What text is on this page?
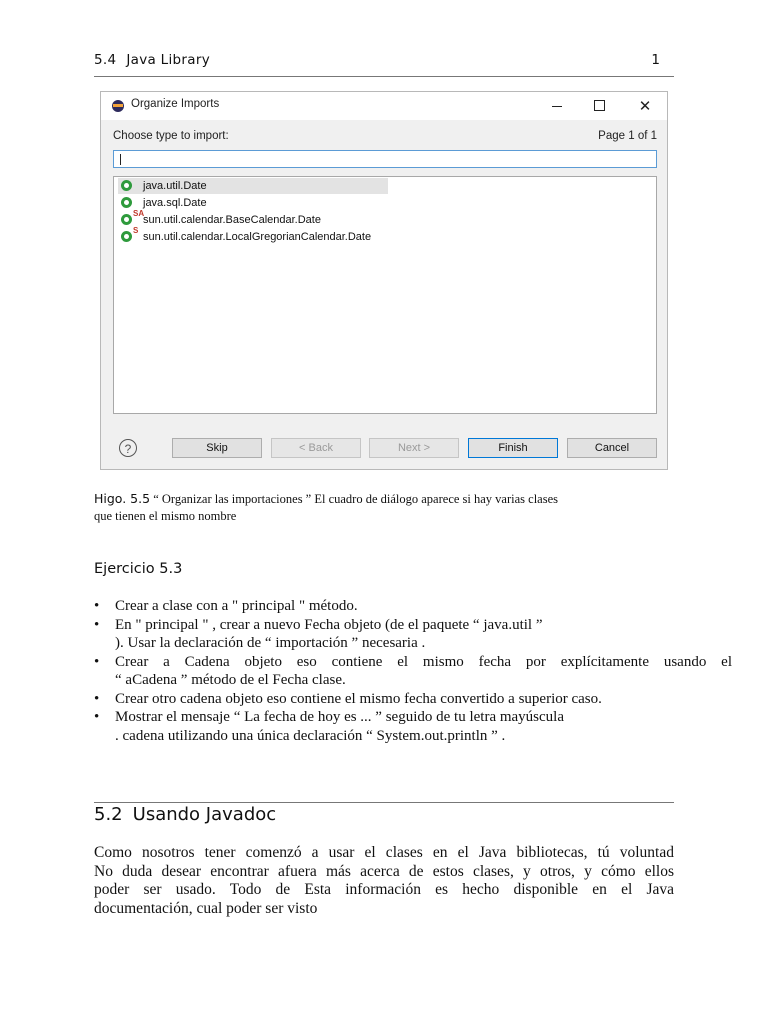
5.4 Java Library	1
Organize Imports	✕
Choose type to import:	Page 1 of 1
java.util.Date
java.sql.Date
SA
sun.util.calendar.BaseCalendar.Date
S
sun.util.calendar.LocalGregorianCalendar.Date
?	Skip	< Back	Next >	Finish	Cancel
Higo. 5.5 “ Organizar las importaciones ” El cuadro de diálogo aparece si hay varias clases
que tienen el mismo nombre
Ejercicio 5.3
• Crear a clase con a " principal " método.
• En " principal " , crear a nuevo Fecha objeto (de el paquete “ java.util ”
). Usar la declaración de “ importación ” necesaria .
• Crear a Cadena objeto eso contiene el mismo fecha por explícitamente usando el
“ aCadena ” método de el Fecha clase.
• Crear otro cadena objeto eso contiene el mismo fecha convertido a superior caso.
• Mostrar el mensaje “ La fecha de hoy es ... ” seguido de tu letra mayúscula
. cadena utilizando una única declaración “ System.out.println ” .
5.2 Usando Javadoc
Como nosotros tener comenzó a usar el clases en el Java bibliotecas, tú voluntad
No duda desear encontrar afuera más acerca de estos clases, y otros, y cómo ellos
poder ser usado. Todo de Esta información es hecho disponible en el Java
documentación, cual poder ser visto
